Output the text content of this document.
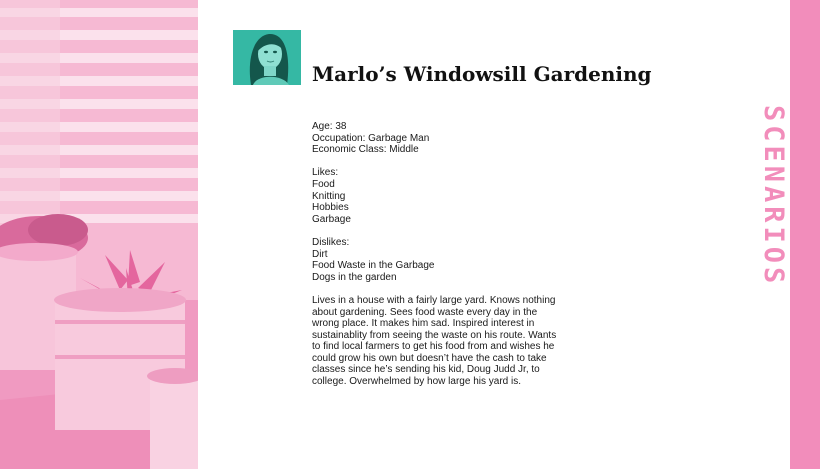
Marlo’s Windowsill Gardening
Age: 38
Occupation: Garbage Man
Economic Class: Middle
Likes:
Food
Knitting
Hobbies
Garbage
Dislikes:
Dirt
Food Waste in the Garbage
Dogs in the garden
Lives in a house with a fairly large yard. Knows nothing about gardening. Sees food waste every day in the wrong place. It makes him sad. Inspired interest in sustainablity from seeing the waste on his route. Wants to find local farmers to get his food from and wishes he could grow his own but doesn’t have the cash to take classes since he’s sending his kid, Doug Judd Jr, to college. Overwhelmed by how large his yard is.
SCENARIOS
